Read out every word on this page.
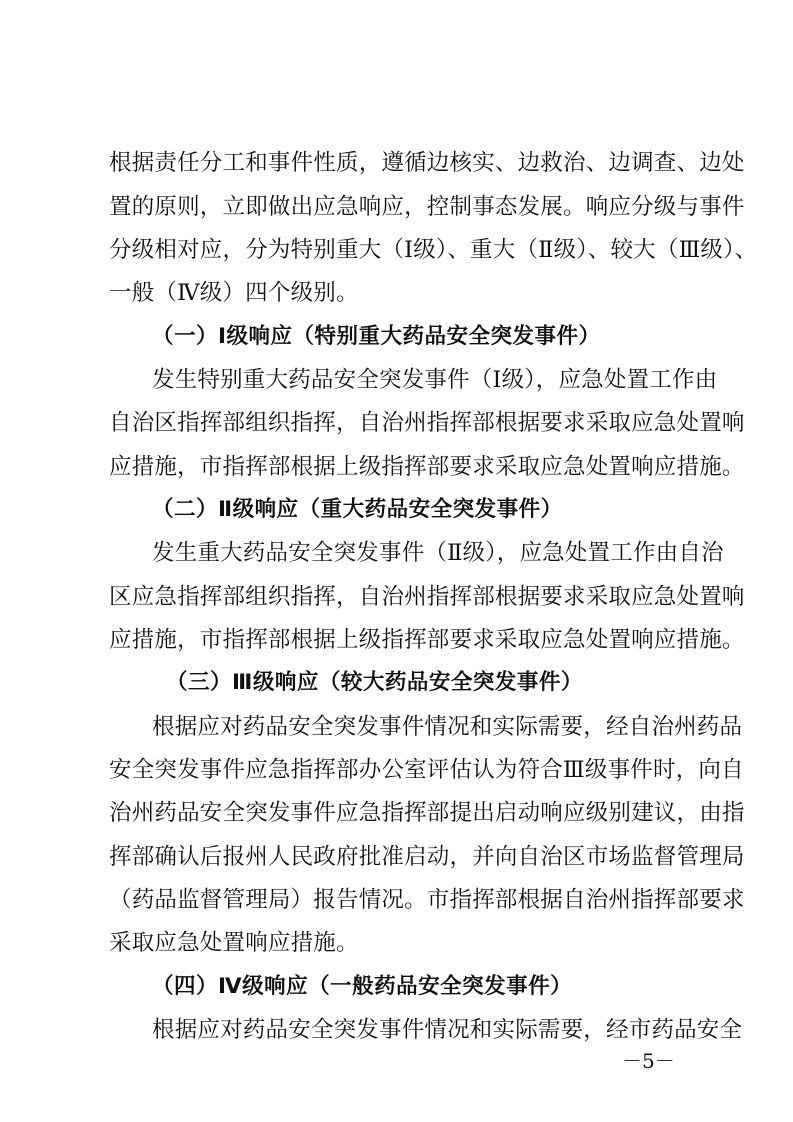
根据责任分工和事件性质，遵循边核实、边救治、边调查、边处
置的原则，立即做出应急响应，控制事态发展。响应分级与事件
分级相对应，分为特别重大（Ⅰ级）、重大（Ⅱ级）、较大（Ⅲ级）、
一般（Ⅳ级）四个级别。
（一）Ⅰ级响应（特别重大药品安全突发事件）
发生特别重大药品安全突发事件（Ⅰ级），应急处置工作由
自治区指挥部组织指挥，自治州指挥部根据要求采取应急处置响
应措施，市指挥部根据上级指挥部要求采取应急处置响应措施。
（二）Ⅱ级响应（重大药品安全突发事件）
发生重大药品安全突发事件（Ⅱ级），应急处置工作由自治
区应急指挥部组织指挥，自治州指挥部根据要求采取应急处置响
应措施，市指挥部根据上级指挥部要求采取应急处置响应措施。
（三）Ⅲ级响应（较大药品安全突发事件）
根据应对药品安全突发事件情况和实际需要，经自治州药品
安全突发事件应急指挥部办公室评估认为符合Ⅲ级事件时，向自
治州药品安全突发事件应急指挥部提出启动响应级别建议，由指
挥部确认后报州人民政府批准启动，并向自治区市场监督管理局
（药品监督管理局）报告情况。市指挥部根据自治州指挥部要求
采取应急处置响应措施。
（四）Ⅳ级响应（一般药品安全突发事件）
根据应对药品安全突发事件情况和实际需要，经市药品安全
－5－
